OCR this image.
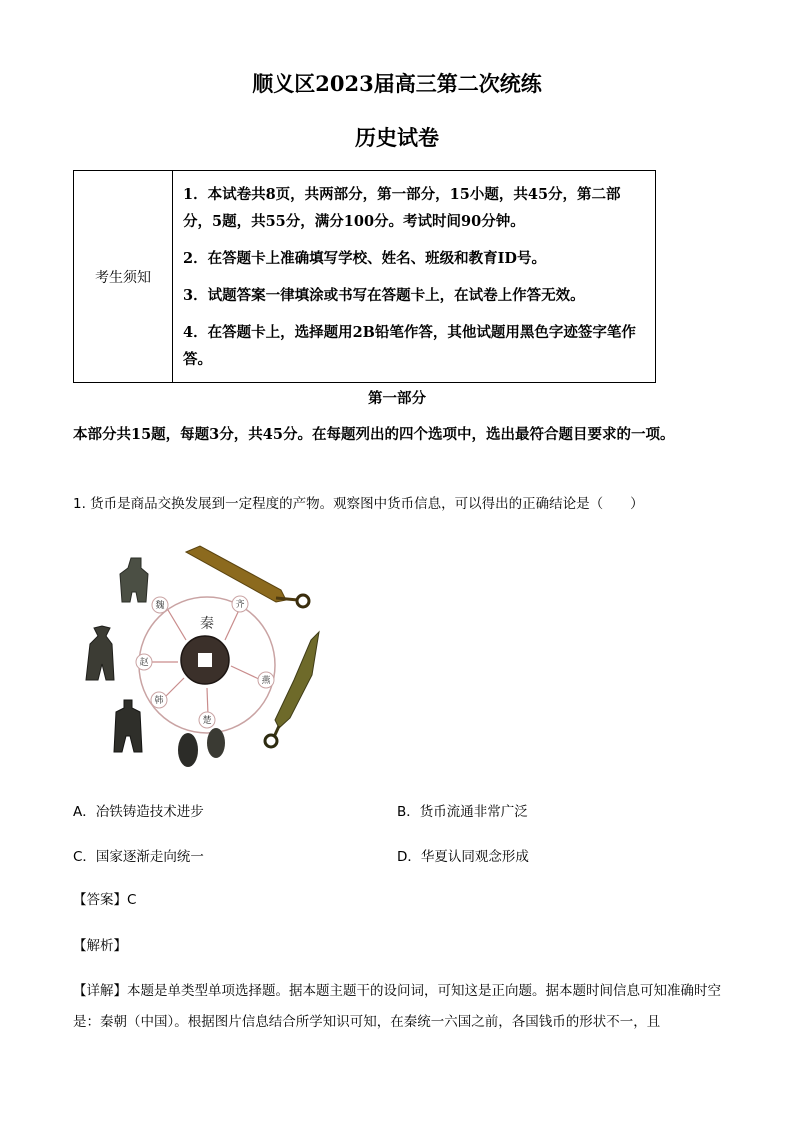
顺义区2023届高三第二次统练
历史试卷
考生须知	

1．本试卷共8页，共两部分，第一部分，15小题，共45分，第二部分，5题，共55分，满分100分。考试时间90分钟。

2．在答题卡上准确填写学校、姓名、班级和教育ID号。

3．试题答案一律填涂或书写在答题卡上，在试卷上作答无效。

4．在答题卡上，选择题用2B铅笔作答，其他试题用黑色字迹签字笔作答。

第一部分
本部分共15题，每题3分，共45分。在每题列出的四个选项中，选出最符合题目要求的一项。
1. 货币是商品交换发展到一定程度的产物。观察图中货币信息，可以得出的正确结论是（　　）
秦
魏	齐
燕
楚
韩
赵
A．冶铁铸造技术进步	B．货币流通非常广泛
C．国家逐渐走向统一	D．华夏认同观念形成
【答案】C
【解析】
【详解】本题是单类型单项选择题。据本题主题干的设问词，可知这是正向题。据本题时间信息可知准确时空是：秦朝（中国）。根据图片信息结合所学知识可知，在秦统一六国之前，各国钱币的形状不一，且
